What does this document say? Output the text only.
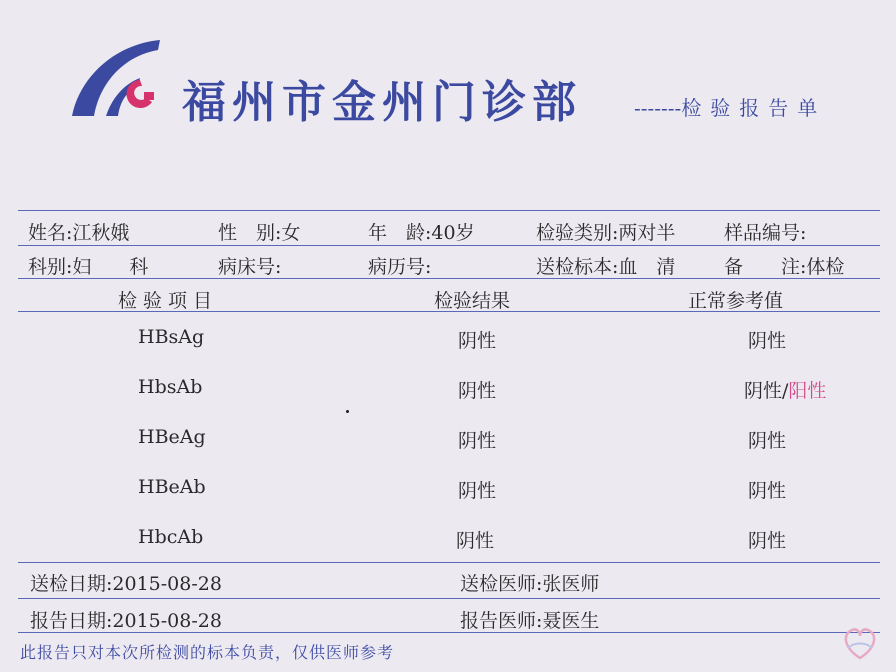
福州市金州门诊部	-------检验报告单
姓名:江秋娥	性　别:女	年　龄:40岁	检验类别:两对半	样品编号:
科别:妇　　科	病床号:	病历号:	送检标本:血　清	备　　注:体检
检验项目	检验结果	正常参考值
HBsAg	阴性	阴性
HbsAb	阴性	阴性/阳性
HBeAg	阴性	阴性
HBeAb	阴性	阴性
HbcAb	阴性	阴性
送检日期:2015-08-28	送检医师:张医师
报告日期:2015-08-28	报告医师:聂医生
此报告只对本次所检测的标本负责，仅供医师参考
